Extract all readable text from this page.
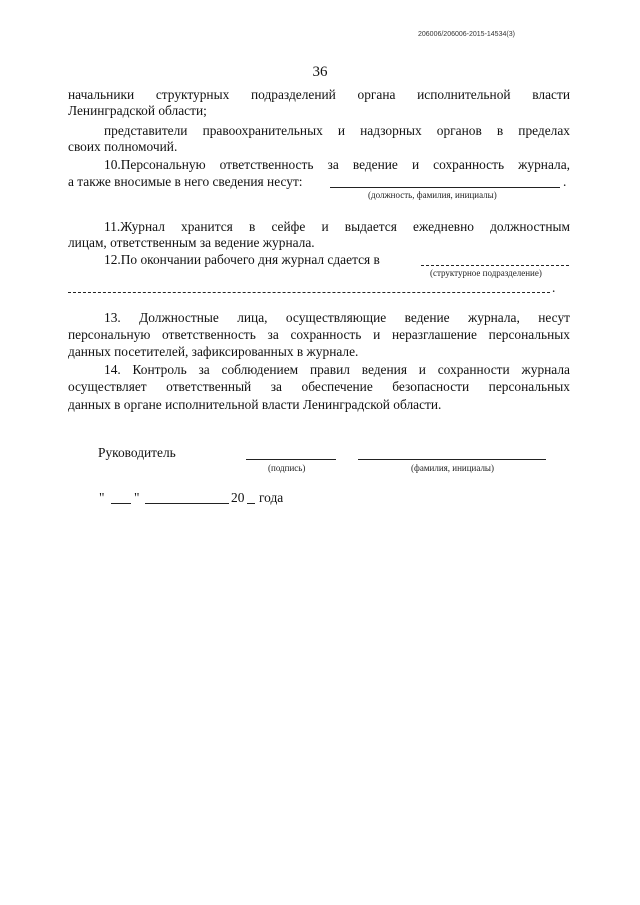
206006/206006-2015-14534(3)
36
начальники структурных подразделений органа исполнительной власти
Ленинградской области;
представители правоохранительных и надзорных органов в пределах
своих полномочий.
10.Персональную ответственность за ведение и сохранность журнала,
а также вносимые в него сведения несут:	.
(должность, фамилия, инициалы)
11.Журнал хранится в сейфе и выдается ежедневно должностным
лицам, ответственным за ведение журнала.
12.По окончании рабочего дня журнал сдается в
(структурное подразделение)
.
13. Должностные лица, осуществляющие ведение журнала, несут
персональную ответственность за сохранность и неразглашение персональных
данных посетителей, зафиксированных в журнале.
14. Контроль за соблюдением правил ведения и сохранности журнала
осуществляет ответственный за обеспечение безопасности персональных
данных в органе исполнительной власти Ленинградской области.
Руководитель
(подпись)	(фамилия, инициалы)
" "	20 года
